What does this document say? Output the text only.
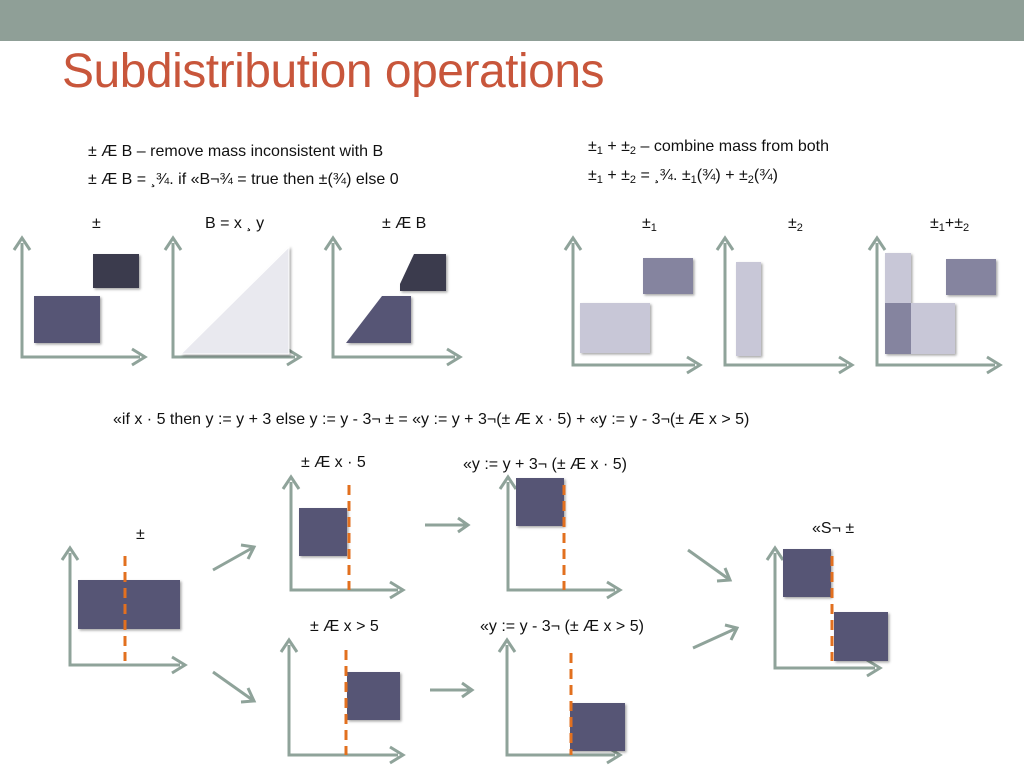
Subdistribution operations
± Æ B – remove mass inconsistent with B
± Æ B = ¸¾. if «B¬¾ = true then ±(¾) else 0
$\pm_1 + \pm_2$ – combine mass from both
$\pm_1 + \pm_2$ = ¸¾. $\pm_1(\frac{3}{4})$ + $\pm_2(\frac{3}{4})$
±	B = x ¸ y	± Æ B	$\pm_1$	$\pm_2$	$\pm_1+\pm_2$
«if x · 5 then y := y + 3 else y := y - 3¬ ± = «y := y + 3¬(± Æ x · 5) + «y := y - 3¬(± Æ x > 5)
±
± Æ x · 5	«y := y + 3¬ (± Æ x · 5)
± Æ x > 5	«y := y - 3¬ (± Æ x > 5)
«S¬ ±
